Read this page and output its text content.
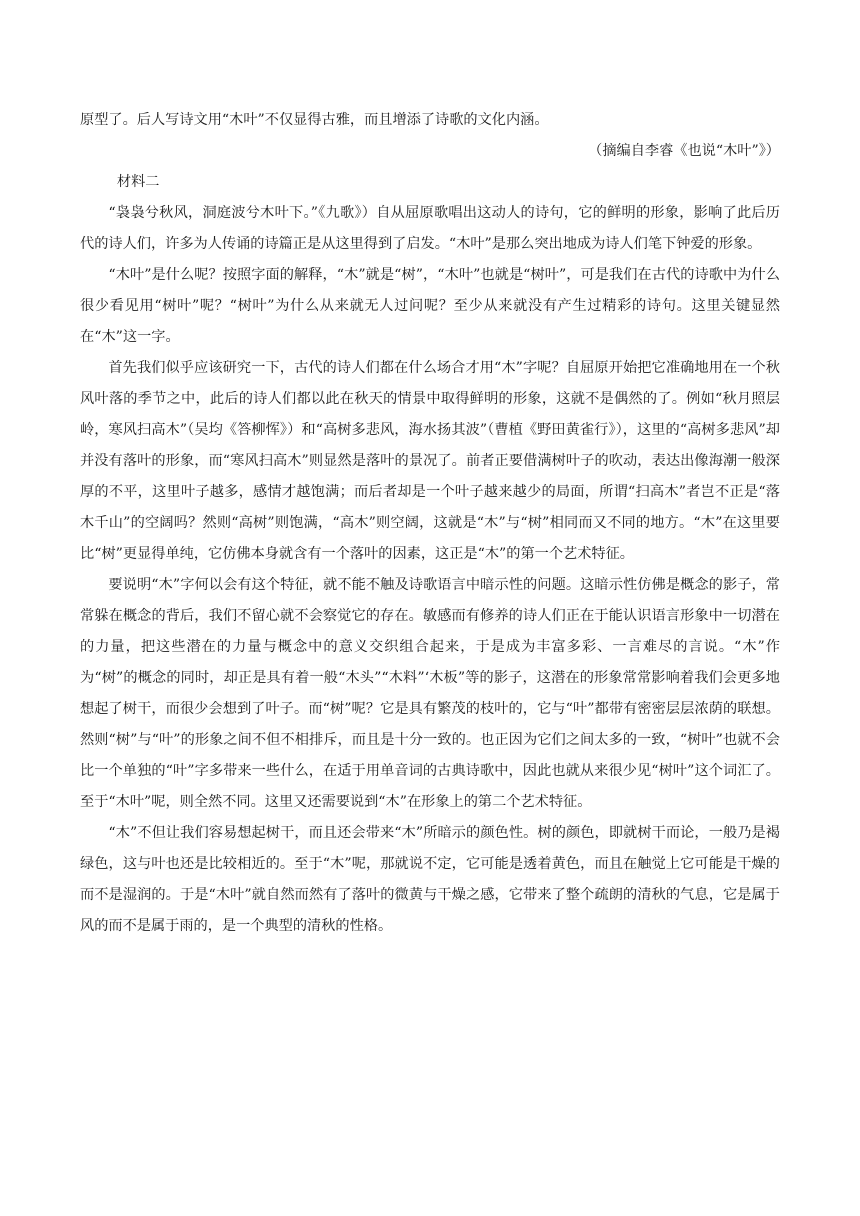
原型了。后人写诗文用“木叶”不仅显得古雅，而且增添了诗歌的文化内涵。

（摘编自李睿《也说“木叶”》）

材料二

“袅袅兮秋风，洞庭波兮木叶下。”《九歌》）自从屈原歌唱出这动人的诗句，它的鲜明的形象，影响了此后历代的诗人们，许多为人传诵的诗篇正是从这里得到了启发。“木叶”是那么突出地成为诗人们笔下钟爱的形象。

“木叶”是什么呢？按照字面的解释，“木”就是“树”，“木叶”也就是“树叶”，可是我们在古代的诗歌中为什么很少看见用“树叶”呢？“树叶”为什么从来就无人过问呢？至少从来就没有产生过精彩的诗句。这里关键显然在“木”这一字。

首先我们似乎应该研究一下，古代的诗人们都在什么场合才用“木”字呢？自屈原开始把它准确地用在一个秋风叶落的季节之中，此后的诗人们都以此在秋天的情景中取得鲜明的形象，这就不是偶然的了。例如“秋月照层岭，寒风扫高木”（吴均《答柳恽》）和“高树多悲风，海水扬其波”（曹植《野田黄雀行》），这里的“高树多悲风”却并没有落叶的形象，而“寒风扫高木”则显然是落叶的景况了。前者正要借满树叶子的吹动，表达出像海潮一般深厚的不平，这里叶子越多，感情才越饱满；而后者却是一个叶子越来越少的局面，所谓“扫高木”者岂不正是“落木千山”的空阔吗？然则“高树”则饱满，“高木”则空阔，这就是“木”与“树”相同而又不同的地方。“木”在这里要比“树”更显得单纯，它仿佛本身就含有一个落叶的因素，这正是“木”的第一个艺术特征。

要说明“木”字何以会有这个特征，就不能不触及诗歌语言中暗示性的问题。这暗示性仿佛是概念的影子，常常躲在概念的背后，我们不留心就不会察觉它的存在。敏感而有修养的诗人们正在于能认识语言形象中一切潜在的力量，把这些潜在的力量与概念中的意义交织组合起来，于是成为丰富多彩、一言难尽的言说。“木”作为“树”的概念的同时，却正是具有着一般“木头”“木料”‘木板”等的影子，这潜在的形象常常影响着我们会更多地想起了树干，而很少会想到了叶子。而“树”呢？它是具有繁茂的枝叶的，它与“叶”都带有密密层层浓荫的联想。然则“树”与“叶”的形象之间不但不相排斥，而且是十分一致的。也正因为它们之间太多的一致，“树叶”也就不会比一个单独的“叶”字多带来一些什么，在适于用单音词的古典诗歌中，因此也就从来很少见“树叶”这个词汇了。至于“木叶”呢，则全然不同。这里又还需要说到“木”在形象上的第二个艺术特征。

“木”不但让我们容易想起树干，而且还会带来“木”所暗示的颜色性。树的颜色，即就树干而论，一般乃是褐绿色，这与叶也还是比较相近的。至于“木”呢，那就说不定，它可能是透着黄色，而且在触觉上它可能是干燥的而不是湿润的。于是“木叶”就自然而然有了落叶的微黄与干燥之感，它带来了整个疏朗的清秋的气息，它是属于风的而不是属于雨的，是一个典型的清秋的性格。
